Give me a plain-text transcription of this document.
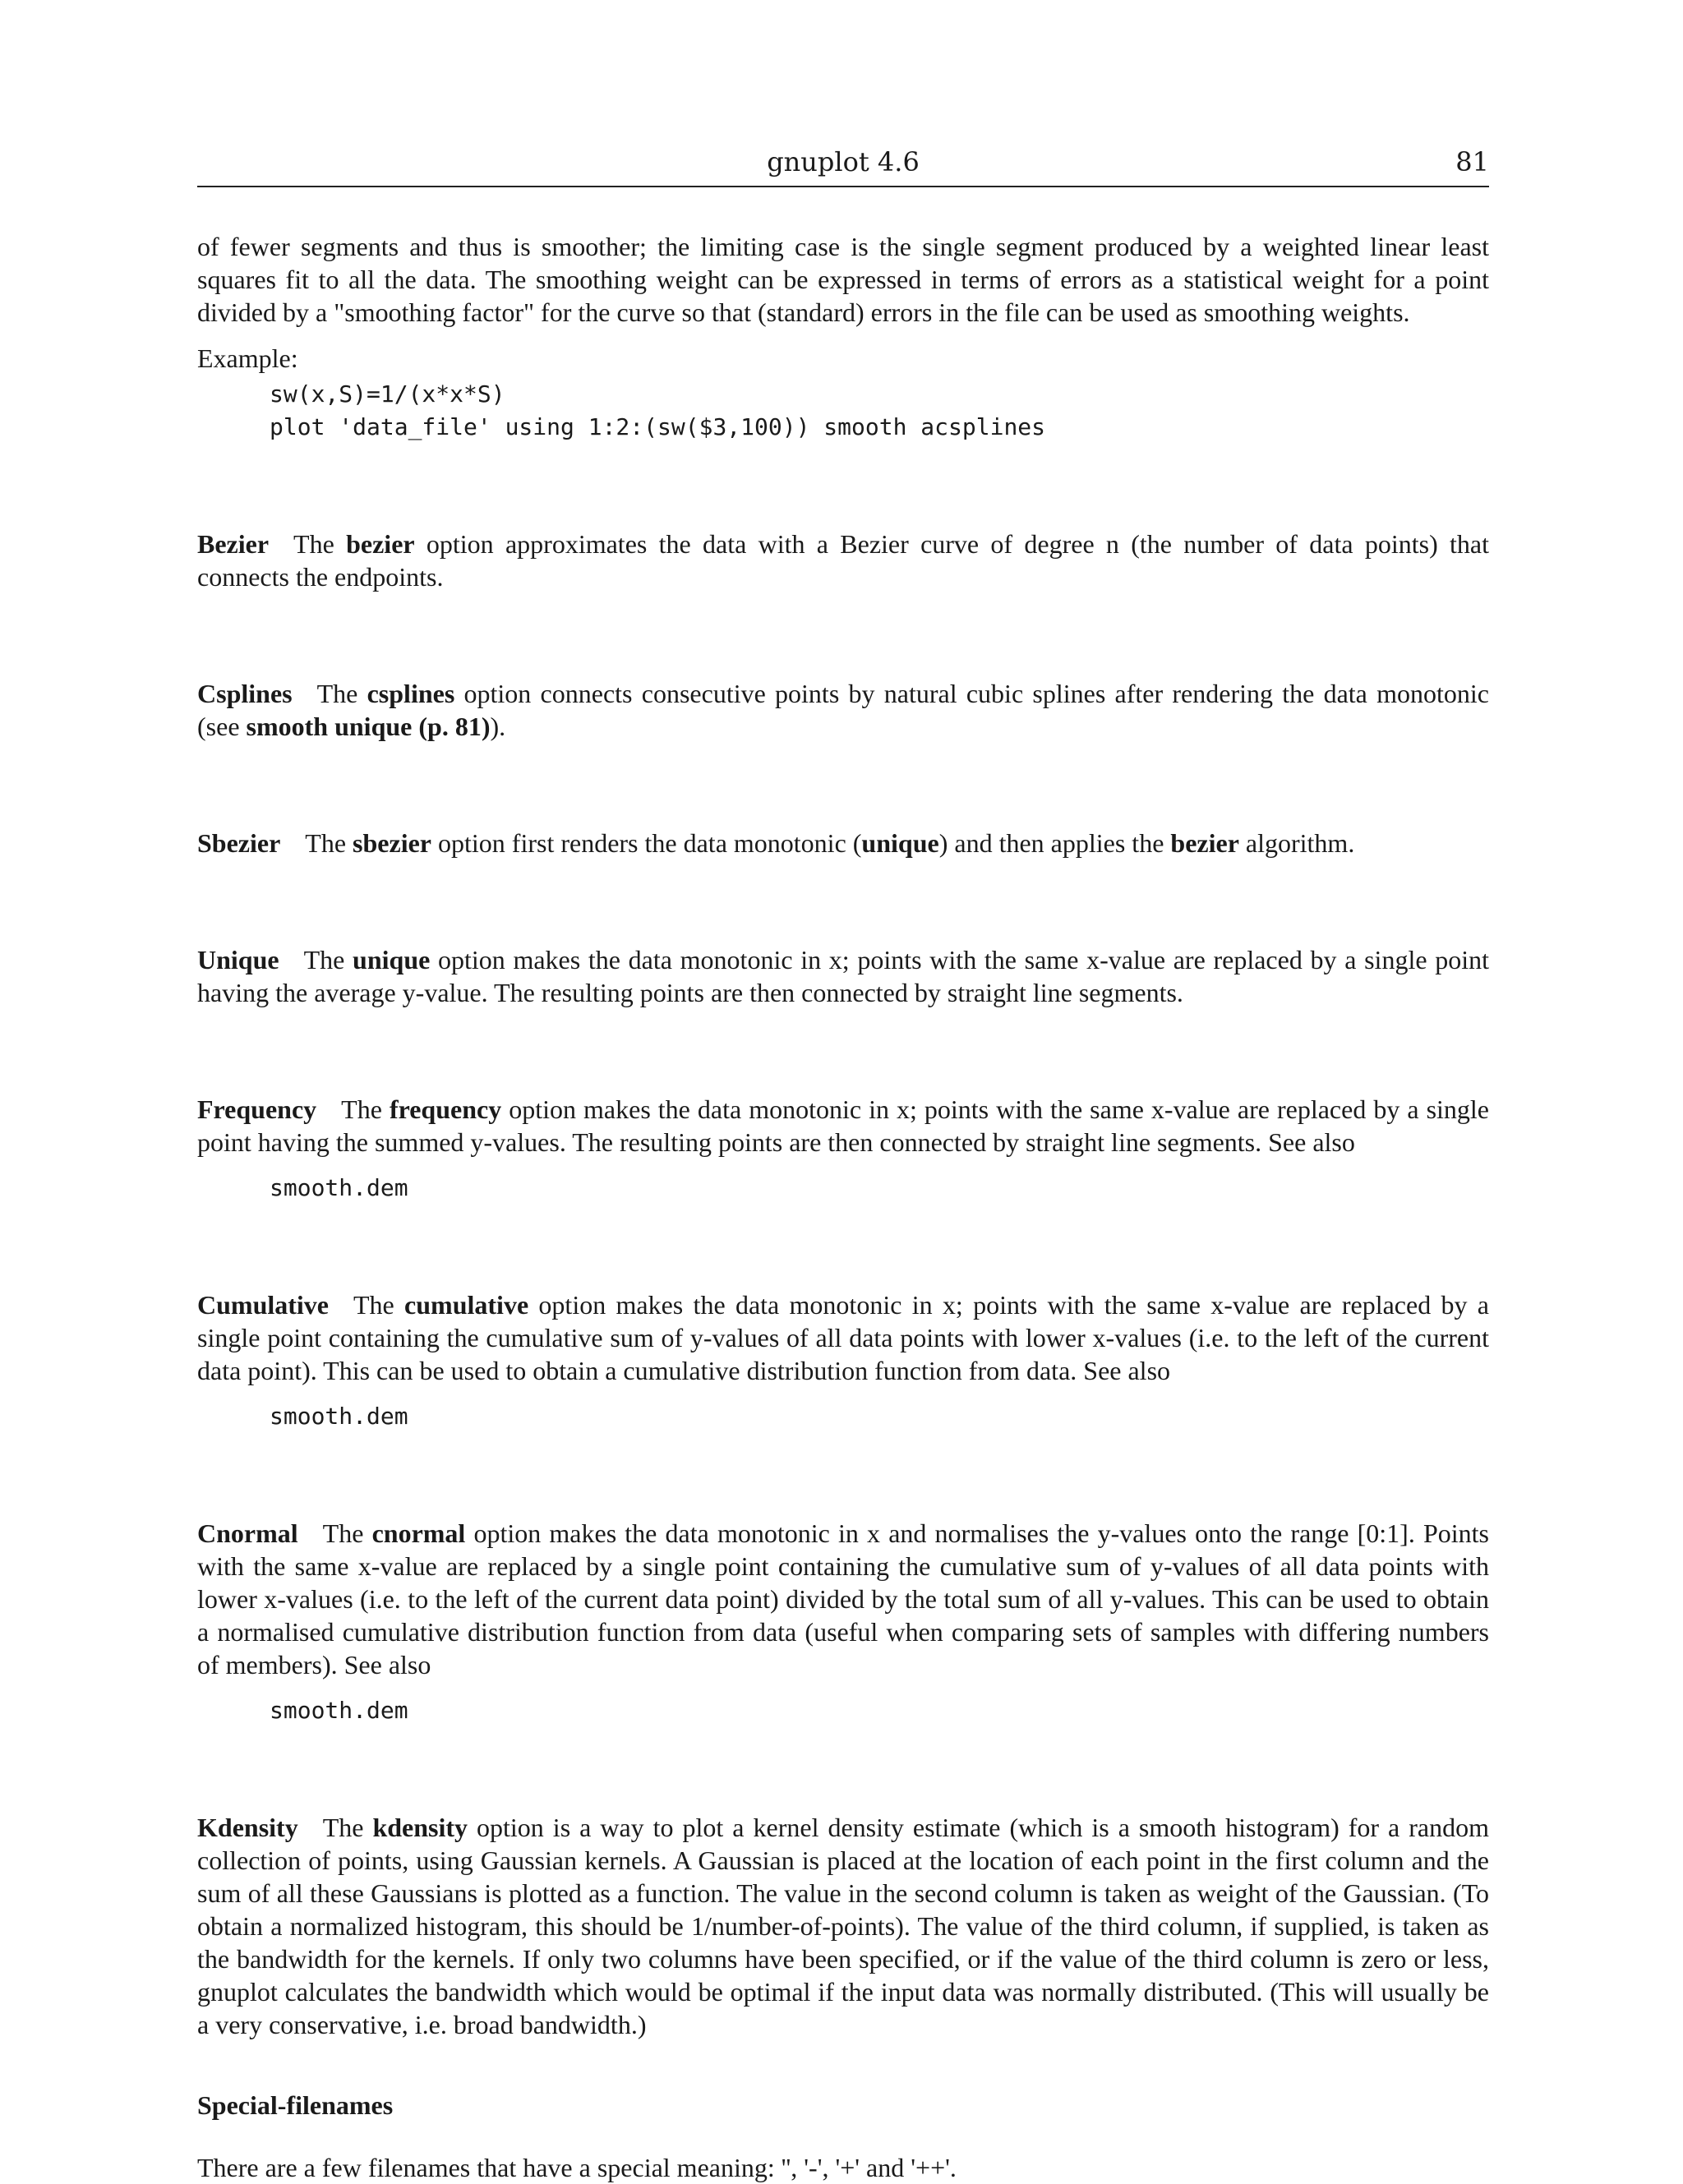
gnuplot 4.6	81

of fewer segments and thus is smoother; the limiting case is the single segment produced by a weighted linear least squares fit to all the data. The smoothing weight can be expressed in terms of errors as a statistical weight for a point divided by a "smoothing factor" for the curve so that (standard) errors in the file can be used as smoothing weights.

Example:

sw(x,S)=1/(x*x*S)
plot 'data_file' using 1:2:(sw($3,100)) smooth acsplines

Bezier The bezier option approximates the data with a Bezier curve of degree n (the number of data points) that connects the endpoints.

Csplines The csplines option connects consecutive points by natural cubic splines after rendering the data monotonic (see smooth unique (p. 81)).

Sbezier The sbezier option first renders the data monotonic (unique) and then applies the bezier algorithm.

Unique The unique option makes the data monotonic in x; points with the same x-value are replaced by a single point having the average y-value. The resulting points are then connected by straight line segments.

Frequency The frequency option makes the data monotonic in x; points with the same x-value are replaced by a single point having the summed y-values. The resulting points are then connected by straight line segments. See also

smooth.dem

Cumulative The cumulative option makes the data monotonic in x; points with the same x-value are replaced by a single point containing the cumulative sum of y-values of all data points with lower x-values (i.e. to the left of the current data point). This can be used to obtain a cumulative distribution function from data. See also

smooth.dem

Cnormal The cnormal option makes the data monotonic in x and normalises the y-values onto the range [0:1]. Points with the same x-value are replaced by a single point containing the cumulative sum of y-values of all data points with lower x-values (i.e. to the left of the current data point) divided by the total sum of all y-values. This can be used to obtain a normalised cumulative distribution function from data (useful when comparing sets of samples with differing numbers of members). See also

smooth.dem

Kdensity The kdensity option is a way to plot a kernel density estimate (which is a smooth histogram) for a random collection of points, using Gaussian kernels. A Gaussian is placed at the location of each point in the first column and the sum of all these Gaussians is plotted as a function. The value in the second column is taken as weight of the Gaussian. (To obtain a normalized histogram, this should be 1/number-of-points). The value of the third column, if supplied, is taken as the bandwidth for the kernels. If only two columns have been specified, or if the value of the third column is zero or less, gnuplot calculates the bandwidth which would be optimal if the input data was normally distributed. (This will usually be a very conservative, i.e. broad bandwidth.)

Special-filenames

There are a few filenames that have a special meaning: '', '-', '+' and '++'.
